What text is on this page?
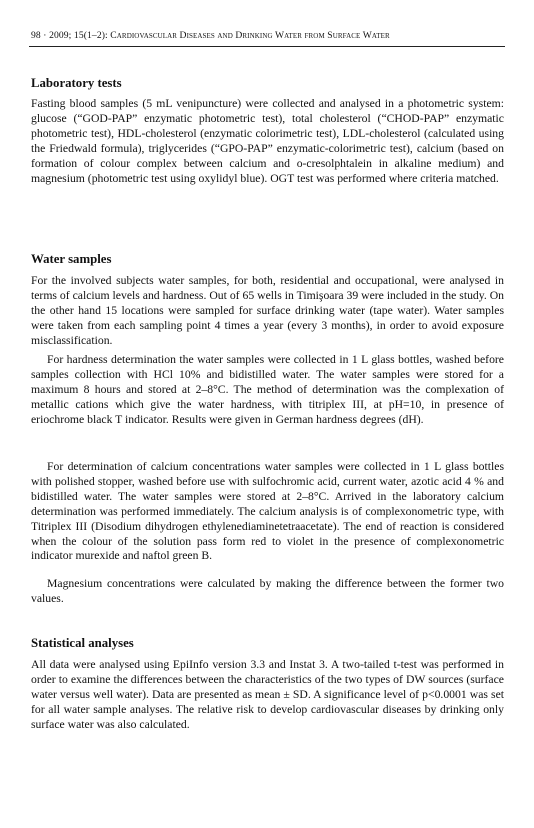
98 · 2009; 15(1–2): Cardiovascular Diseases and Drinking Water from Surface Water
Laboratory tests
Fasting blood samples (5 mL venipuncture) were collected and analysed in a photometric system: glucose (“GOD-PAP” enzymatic photometric test), total cholesterol (“CHOD-PAP” enzymatic photometric test), HDL-cholesterol (enzymatic colorimetric test), LDL-cholesterol (calculated using the Friedwald formula), triglycerides (“GPO-PAP” enzymatic-colorimetric test), calcium (based on formation of colour complex between calcium and o-cresolphtalein in alkaline medium) and magnesium (photometric test using oxylidyl blue). OGT test was performed where criteria matched.
Water samples
For the involved subjects water samples, for both, residential and occupational, were analysed in terms of calcium levels and hardness. Out of 65 wells in Timişoara 39 were included in the study. On the other hand 15 locations were sampled for surface drinking water (tape water). Water samples were taken from each sampling point 4 times a year (every 3 months), in order to avoid exposure misclassification.
For hardness determination the water samples were collected in 1 L glass bottles, washed before samples collection with HCl 10% and bidistilled water. The water samples were stored for a maximum 8 hours and stored at 2–8°C. The method of determination was the complexation of metallic cations which give the water hardness, with titriplex III, at pH=10, in presence of eriochrome black T indicator. Results were given in German hardness degrees (dH).
For determination of calcium concentrations water samples were collected in 1 L glass bottles with polished stopper, washed before use with sulfochromic acid, current water, azotic acid 4 % and bidistilled water. The water samples were stored at 2–8°C. Arrived in the laboratory calcium determination was performed immediately. The calcium analysis is of complexonometric type, with Titriplex III (Disodium dihydrogen ethylenediaminetetraacetate). The end of reaction is considered when the colour of the solution pass form red to violet in the presence of complexonometric indicator murexide and naftol green B.
Magnesium concentrations were calculated by making the difference between the former two values.
Statistical analyses
All data were analysed using EpiInfo version 3.3 and Instat 3. A two-tailed t-test was performed in order to examine the differences between the characteristics of the two types of DW sources (surface water versus well water). Data are presented as mean ± SD. A significance level of p<0.0001 was set for all water sample analyses. The relative risk to develop cardiovascular diseases by drinking only surface water was also calculated.
